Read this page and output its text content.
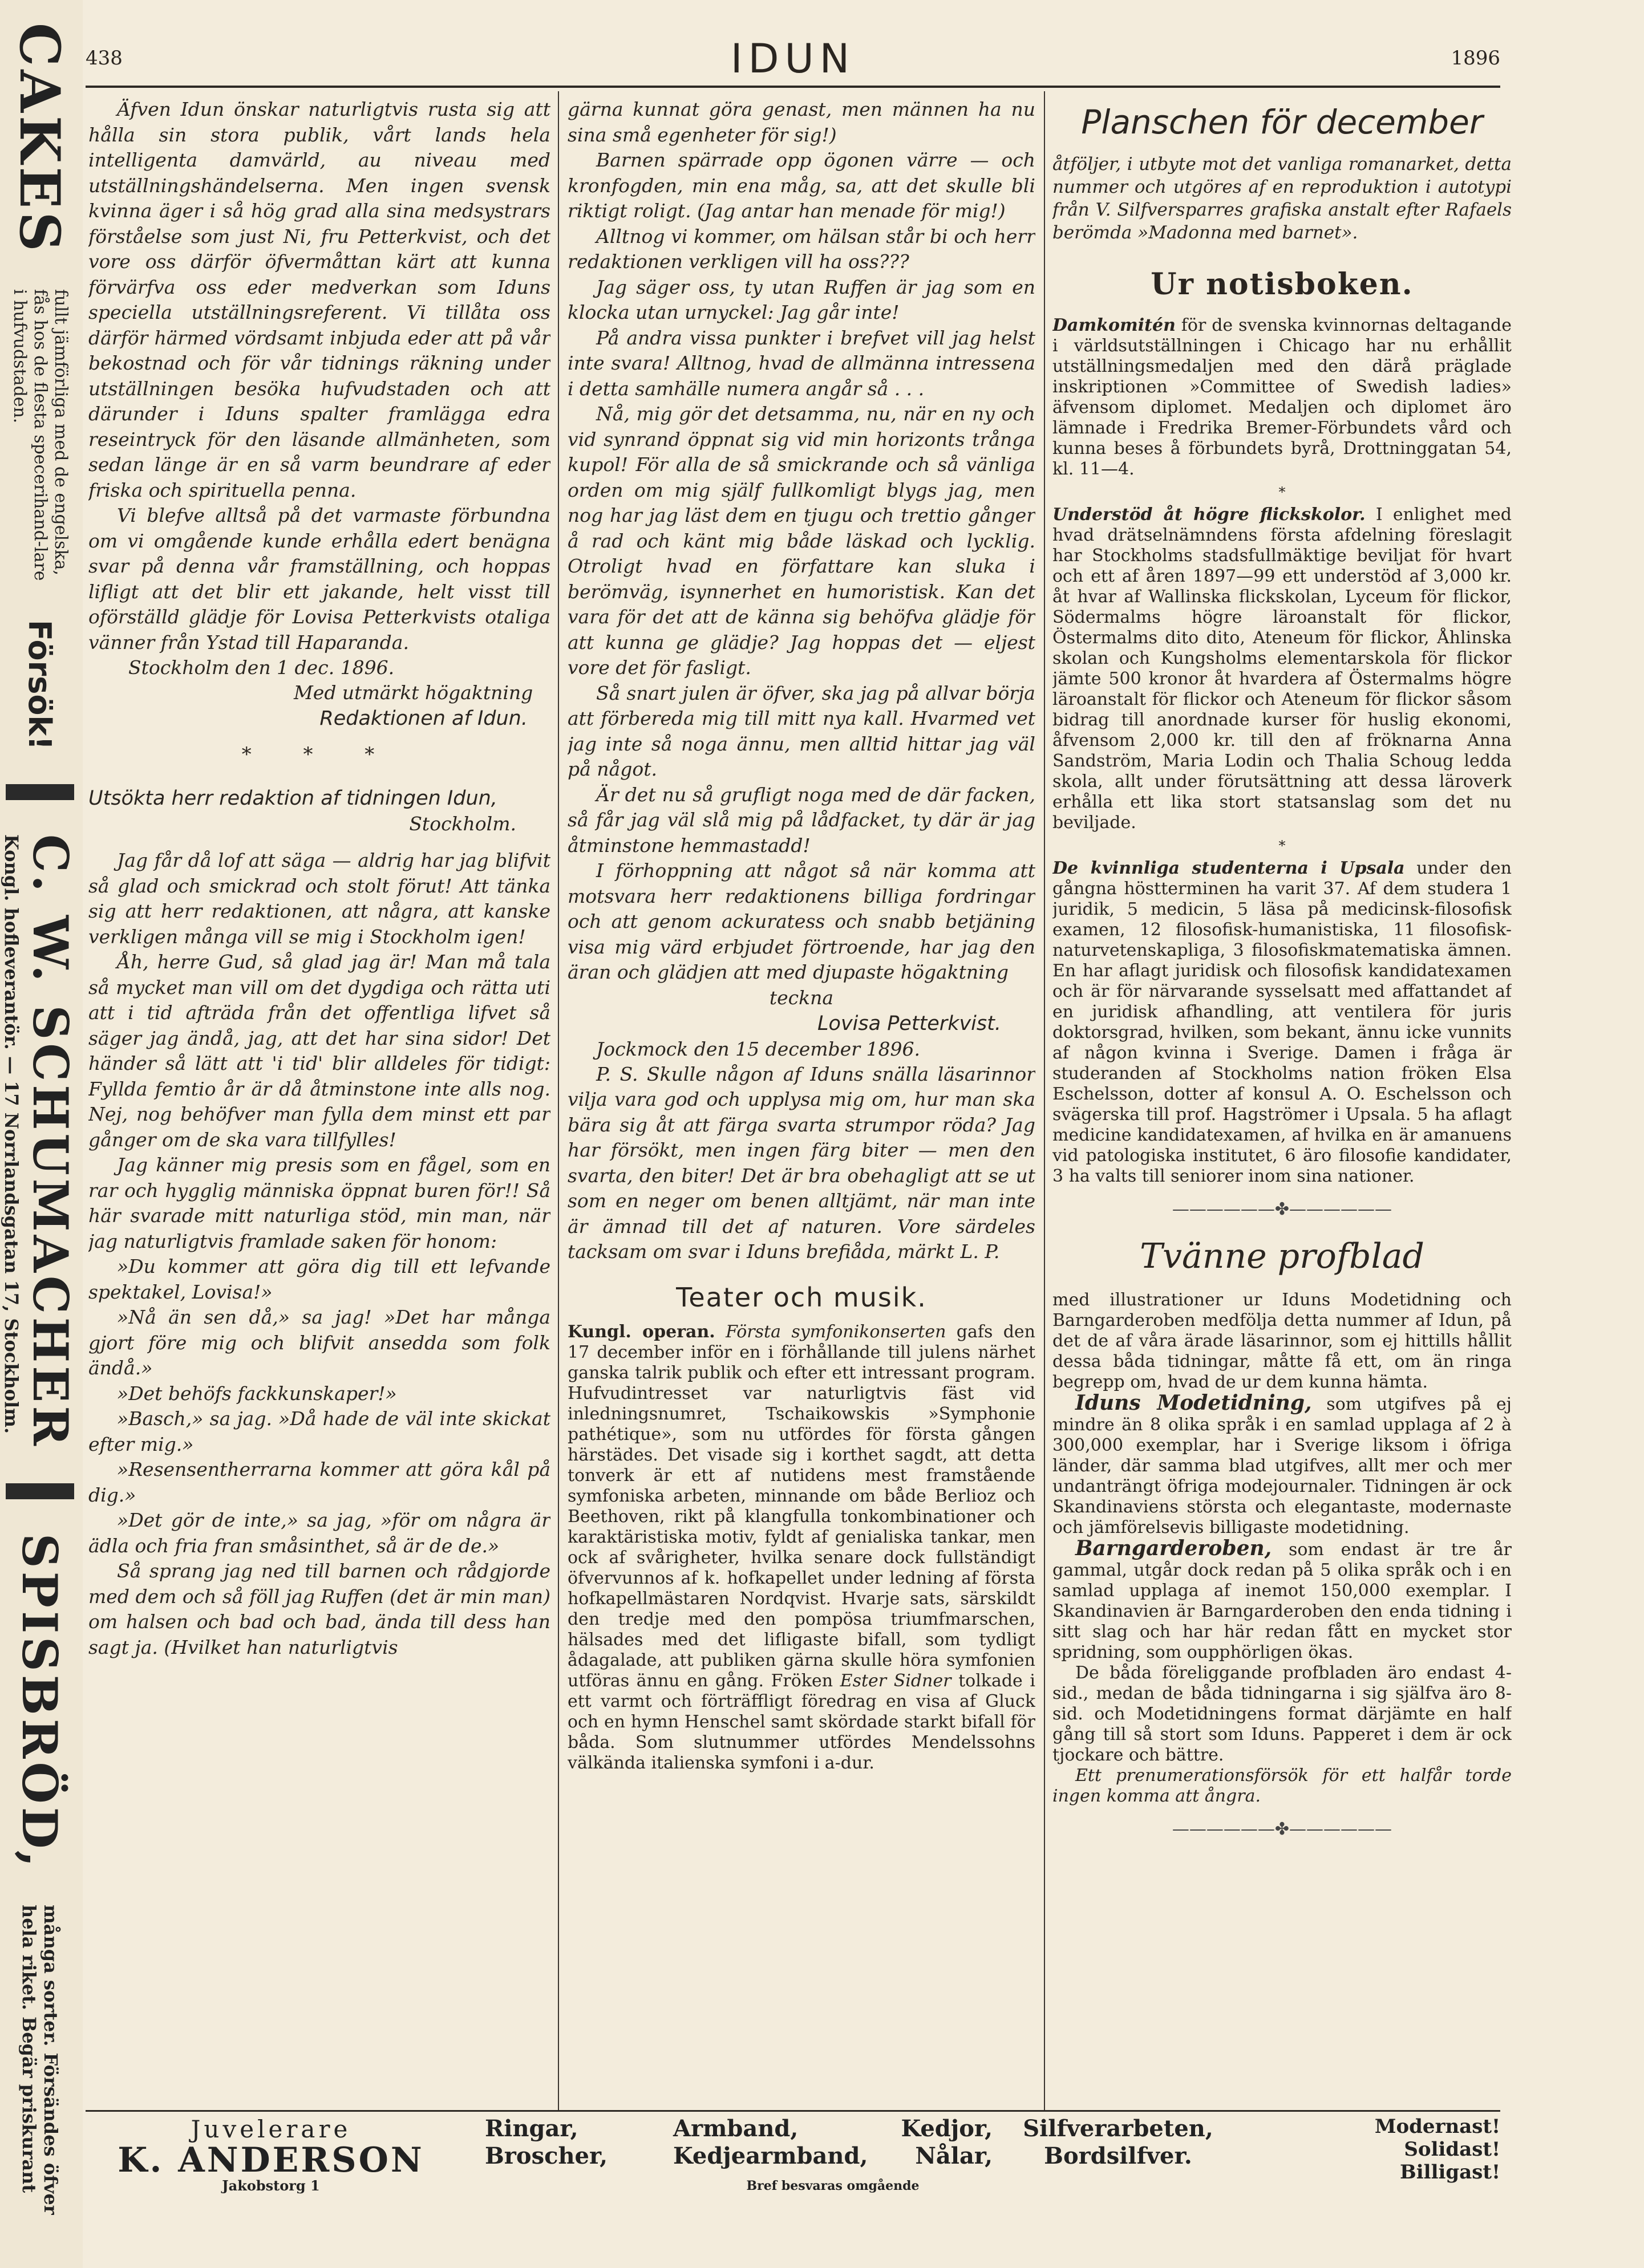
CAKES
fullt jämförliga med de engelska, fås hos de flesta specerihand-lare i hufvudstaden.
Försök!
C. W. SCHUMACHER
Kongl. hofleverantör. — 17 Norrlandsgatan 17, Stockholm.
SPISBRÖD,
många sorter. Försändes öfver hela riket. Begär priskurant
438	IDUN	1896

Äfven Idun önskar naturligtvis rusta sig att hålla sin stora publik, vårt lands hela intelligenta damvärld, au niveau med utställningshändelserna. Men ingen svensk kvinna äger i så hög grad alla sina medsystrars förståelse som just Ni, fru Petterkvist, och det vore oss därför öfvermåttan kärt att kunna förvärfva oss eder medverkan som Iduns speciella utställningsreferent. Vi tillåta oss därför härmed vördsamt inbjuda eder att på vår bekostnad och för vår tidnings räkning under utställningen besöka hufvudstaden och att därunder i Iduns spalter framlägga edra reseintryck för den läsande allmänheten, som sedan länge är en så varm beundrare af eder friska och spirituella penna.

Vi blefve alltså på det varmaste förbundna om vi omgående kunde erhålla edert benägna svar på denna vår framställning, och hoppas lifligt att det blir ett jakande, helt visst till oförställd glädje för Lovisa Petterkvists otaliga vänner från Ystad till Haparanda.

Stockholm den 1 dec. 1896.
Med utmärkt högaktning
Redaktionen af Idun.
* * *
Utsökta herr redaktion af tidningen Idun,
Stockholm.

Jag får då lof att säga — aldrig har jag blifvit så glad och smickrad och stolt förut! Att tänka sig att herr redaktionen, att några, att kanske verkligen många vill se mig i Stockholm igen!

Åh, herre Gud, så glad jag är! Man må tala så mycket man vill om det dygdiga och rätta uti att i tid afträda från det offentliga lifvet så säger jag ändå, jag, att det har sina sidor! Det händer så lätt att 'i tid' blir alldeles för tidigt: Fyllda femtio år är då åtminstone inte alls nog. Nej, nog behöfver man fylla dem minst ett par gånger om de ska vara tillfylles!

Jag känner mig presis som en fågel, som en rar och hygglig människa öppnat buren för!! Så här svarade mitt naturliga stöd, min man, när jag naturligtvis framlade saken för honom:

»Du kommer att göra dig till ett lefvande spektakel, Lovisa!»

»Nå än sen då,» sa jag! »Det har många gjort före mig och blifvit ansedda som folk ändå.»

»Det behöfs fackkunskaper!»

»Basch,» sa jag. »Då hade de väl inte skickat efter mig.»

»Resensentherrarna kommer att göra kål på dig.»

»Det gör de inte,» sa jag, »för om några är ädla och fria fran småsinthet, så är de de.»

Så sprang jag ned till barnen och rådgjorde med dem och så föll jag Ruffen (det är min man) om halsen och bad och bad, ända till dess han sagt ja. (Hvilket han naturligtvis

gärna kunnat göra genast, men männen ha nu sina små egenheter för sig!)

Barnen spärrade opp ögonen värre — och kronfogden, min ena måg, sa, att det skulle bli riktigt roligt. (Jag antar han menade för mig!)

Alltnog vi kommer, om hälsan står bi och herr redaktionen verkligen vill ha oss???

Jag säger oss, ty utan Ruffen är jag som en klocka utan urnyckel: Jag går inte!

På andra vissa punkter i brefvet vill jag helst inte svara! Alltnog, hvad de allmänna intressena i detta samhälle numera angår så . . .

Nå, mig gör det detsamma, nu, när en ny och vid synrand öppnat sig vid min horizonts trånga kupol! För alla de så smickrande och så vänliga orden om mig själf fullkomligt blygs jag, men nog har jag läst dem en tjugu och trettio gånger å rad och känt mig både läskad och lycklig. Otroligt hvad en författare kan sluka i berömväg, isynnerhet en humoristisk. Kan det vara för det att de känna sig behöfva glädje för att kunna ge glädje? Jag hoppas det — eljest vore det för fasligt.

Så snart julen är öfver, ska jag på allvar börja att förbereda mig till mitt nya kall. Hvarmed vet jag inte så noga ännu, men alltid hittar jag väl på något.

Är det nu så grufligt noga med de där facken, så får jag väl slå mig på lådfacket, ty där är jag åtminstone hemmastadd!

I förhoppning att något så när komma att motsvara herr redaktionens billiga fordringar och att genom ackuratess och snabb betjäning visa mig värd erbjudet förtroende, har jag den äran och glädjen att med djupaste högaktning

teckna
Lovisa Petterkvist.
Jockmock den 15 december 1896.

P. S. Skulle någon af Iduns snälla läsarinnor vilja vara god och upplysa mig om, hur man ska bära sig åt att färga svarta strumpor röda? Jag har försökt, men ingen färg biter — men den svarta, den biter! Det är bra obehagligt att se ut som en neger om benen alltjämt, när man inte är ämnad till det af naturen. Vore särdeles tacksam om svar i Iduns brefiåda, märkt L. P.

Teater och musik.

Kungl. operan. Första symfonikonserten gafs den 17 december inför en i förhållande till julens närhet ganska talrik publik och efter ett intressant program. Hufvudintresset var naturligtvis fäst vid inledningsnumret, Tschaikowskis »Symphonie pathétique», som nu utfördes för första gången härstädes. Det visade sig i korthet sagdt, att detta tonverk är ett af nutidens mest framstående symfoniska arbeten, minnande om både Berlioz och Beethoven, rikt på klangfulla tonkombinationer och karaktäristiska motiv, fyldt af genialiska tankar, men ock af svårigheter, hvilka senare dock fullständigt öfvervunnos af k. hofkapellet under ledning af första hofkapellmästaren Nordqvist. Hvarje sats, särskildt den tredje med den pompösa triumfmarschen, hälsades med det lifligaste bifall, som tydligt ådagalade, att publiken gärna skulle höra symfonien utföras ännu en gång. Fröken Ester Sidner tolkade i ett varmt och förträffligt föredrag en visa af Gluck och en hymn Henschel samt skördade starkt bifall för båda. Som slutnummer utfördes Mendelssohns välkända italienska symfoni i a-dur.

Planschen för december

åtföljer, i utbyte mot det vanliga romanarket, detta nummer och utgöres af en reproduktion i autotypi från V. Silfversparres grafiska anstalt efter Rafaels berömda »Madonna med barnet».

Ur notisboken.

Damkomitén för de svenska kvinnornas deltagande i världsutställningen i Chicago har nu erhållit utställningsmedaljen med den därå präglade inskriptionen »Committee of Swedish ladies» äfvensom diplomet. Medaljen och diplomet äro lämnade i Fredrika Bremer-Förbundets vård och kunna beses å förbundets byrå, Drottninggatan 54, kl. 11—4.

*

Understöd åt högre flickskolor. I enlighet med hvad drätselnämndens första afdelning föreslagit har Stockholms stadsfullmäktige beviljat för hvart och ett af åren 1897—99 ett understöd af 3,000 kr. åt hvar af Wallinska flickskolan, Lyceum för flickor, Södermalms högre läroanstalt för flickor, Östermalms dito dito, Ateneum för flickor, Åhlinska skolan och Kungsholms elementarskola för flickor jämte 500 kronor åt hvardera af Östermalms högre läroanstalt för flickor och Ateneum för flickor såsom bidrag till anordnade kurser för huslig ekonomi, åfvensom 2,000 kr. till den af fröknarna Anna Sandström, Maria Lodin och Thalia Schoug ledda skola, allt under förutsättning att dessa läroverk erhålla ett lika stort statsanslag som det nu beviljade.

*

De kvinnliga studenterna i Upsala under den gångna höstterminen ha varit 37. Af dem studera 1 juridik, 5 medicin, 5 läsa på medicinsk-filosofisk examen, 12 filosofisk-humanistiska, 11 filosofisk-naturvetenskapliga, 3 filosofiskmatematiska ämnen. En har aflagt juridisk och filosofisk kandidatexamen och är för närvarande sysselsatt med affattandet af en juridisk afhandling, att ventilera för juris doktorsgrad, hvilken, som bekant, ännu icke vunnits af någon kvinna i Sverige. Damen i fråga är studeranden af Stockholms nation fröken Elsa Eschelsson, dotter af konsul A. O. Eschelsson och svägerska till prof. Hagströmer i Upsala. 5 ha aflagt medicine kandidatexamen, af hvilka en är amanuens vid patologiska institutet, 6 äro filosofie kandidater, 3 ha valts till seniorer inom sina nationer.

——————✤——————
Tvänne profblad

med illustrationer ur Iduns Modetidning och Barngarderoben medfölja detta nummer af Idun, på det de af våra ärade läsarinnor, som ej hittills hållit dessa båda tidningar, måtte få ett, om än ringa begrepp om, hvad de ur dem kunna hämta.

Iduns Modetidning, som utgifves på ej mindre än 8 olika språk i en samlad upplaga af 2 à 300,000 exemplar, har i Sverige liksom i öfriga länder, där samma blad utgifves, allt mer och mer undanträngt öfriga modejournaler. Tidningen är ock Skandinaviens största och elegantaste, modernaste och jämförelsevis billigaste modetidning.

Barngarderoben, som endast är tre år gammal, utgår dock redan på 5 olika språk och i en samlad upplaga af inemot 150,000 exemplar. I Skandinavien är Barngarderoben den enda tidning i sitt slag och har här redan fått en mycket stor spridning, som oupphörligen ökas.

De båda föreliggande profbladen äro endast 4-sid., medan de båda tidningarna i sig själfva äro 8-sid. och Modetidningens format därjämte en half gång till så stort som Iduns. Papperet i dem är ock tjockare och bättre.

Ett prenumerationsförsök för ett halfår torde ingen komma att ångra.

——————✤——————
Juvelerare
K. ANDERSON
Jakobstorg 1
Ringar,
Broscher,
Armband,	Kedjor,
Kedjearmband, Nålar,
Bref besvaras omgående
Silfverarbeten,
Bordsilfver.
Modernast!
Solidast!
Billigast!
